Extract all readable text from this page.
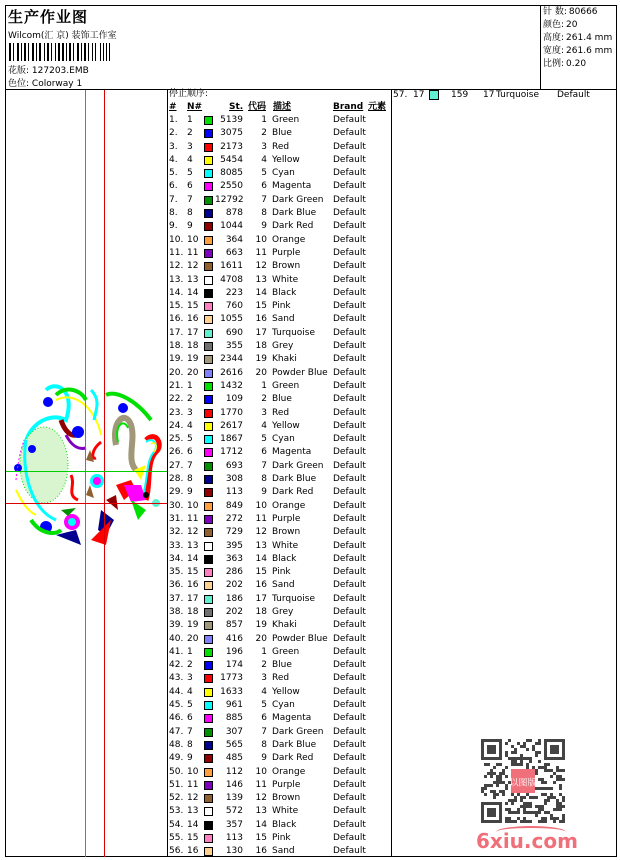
生产作业图
Wilcom(汇 京) 装饰工作室
花版: 127203.EMB
色位: Colorway 1
针 数: 80666
颜色: 20
高度: 261.4 mm
宽度: 261.6 mm
比例: 0.20
停止顺序:
# N#	St. 代码 描述	Brand 元素
1. 1	5139	1 Green	Default
2. 2	3075	2 Blue	Default
3. 3	2173	3 Red	Default
4. 4	5454	4 Yellow	Default
5. 5	8085	5 Cyan	Default
6. 6	2550	6 Magenta Default
7. 7 12792	7 Dark Green Default
8. 8	878	8 Dark Blue Default
9. 9	1044	9 Dark Red Default
10. 10	364	10 Orange	Default
11. 11	663	11 Purple	Default
12. 12	1611	12 Brown	Default
13. 13	4708	13 White	Default
14. 14	223	14 Black	Default
15. 15	760	15 Pink	Default
16. 16	1055	16 Sand	Default
17. 17	690	17 Turquoise Default
18. 18	355	18 Grey	Default
19. 19	2344	19 Khaki	Default
20. 20	2616	20 Powder Blue Default
21. 1	1432	1 Green	Default
22. 2	109	2 Blue	Default
23. 3	1770	3 Red	Default
24. 4	2617	4 Yellow	Default
25. 5	1867	5 Cyan	Default
26. 6	1712	6 Magenta Default
27. 7	693	7 Dark Green Default
28. 8	308	8 Dark Blue Default
29. 9	113	9 Dark Red Default
30. 10	849	10 Orange	Default
31. 11	272	11 Purple	Default
32. 12	729	12 Brown	Default
33. 13	395	13 White	Default
34. 14	363	14 Black	Default
35. 15	286	15 Pink	Default
36. 16	202	16 Sand	Default
37. 17	186	17 Turquoise Default
38. 18	202	18 Grey	Default
39. 19	857	19 Khaki	Default
40. 20	416	20 Powder Blue Default
41. 1	196	1 Green	Default
42. 2	174	2 Blue	Default
43. 3	1773	3 Red	Default
44. 4	1633	4 Yellow	Default
45. 5	961	5 Cyan	Default
46. 6	885	6 Magenta Default
47. 7	307	7 Dark Green Default
48. 8	565	8 Dark Blue Default
49. 9	485	9 Dark Red Default
50. 10	112	10 Orange	Default
51. 11	146	11 Purple	Default
52. 12	139	12 Brown	Default
53. 13	572	13 White	Default
54. 14	357	14 Black	Default
55. 15	113	15 Pink	Default
56. 16	130	16 Sand	Default
57. 17	159 17 Turquoise Default
以图版
6xiu.com
